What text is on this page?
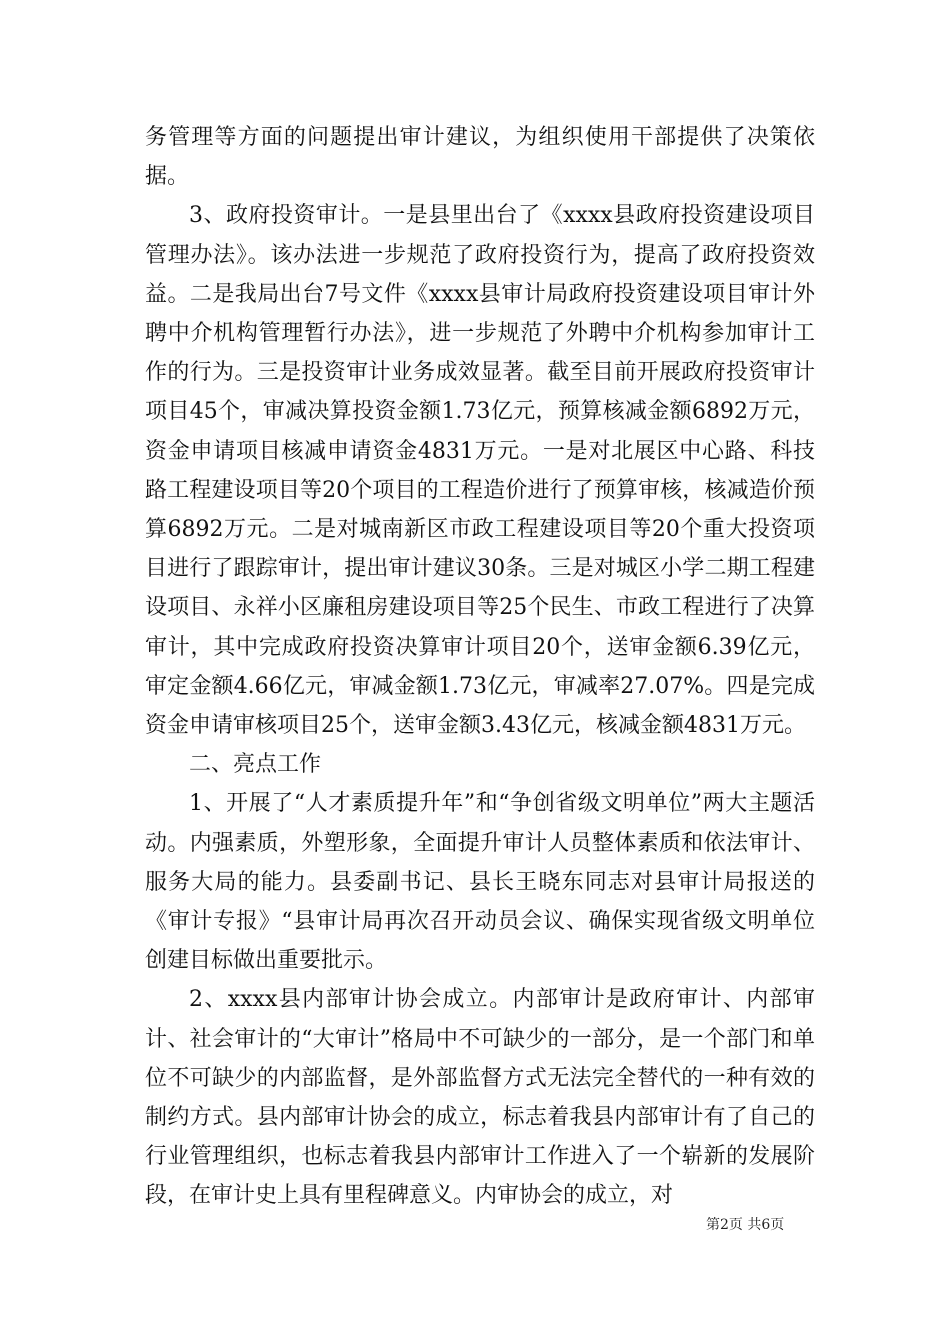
务管理等方面的问题提出审计建议，为组织使用干部提供了决策依据。

3、政府投资审计。一是县里出台了《xxxx县政府投资建设项目管理办法》。该办法进一步规范了政府投资行为，提高了政府投资效益。二是我局出台7号文件《xxxx县审计局政府投资建设项目审计外聘中介机构管理暂行办法》，进一步规范了外聘中介机构参加审计工作的行为。三是投资审计业务成效显著。截至目前开展政府投资审计项目45个，审减决算投资金额1.73亿元，预算核减金额6892万元，资金申请项目核减申请资金4831万元。一是对北展区中心路、科技路工程建设项目等20个项目的工程造价进行了预算审核，核减造价预算6892万元。二是对城南新区市政工程建设项目等20个重大投资项目进行了跟踪审计，提出审计建议30条。三是对城区小学二期工程建设项目、永祥小区廉租房建设项目等25个民生、市政工程进行了决算审计，其中完成政府投资决算审计项目20个，送审金额6.39亿元，审定金额4.66亿元，审减金额1.73亿元，审减率27.07%。四是完成资金申请审核项目25个，送审金额3.43亿元，核减金额4831万元。

二、亮点工作

1、开展了“人才素质提升年”和“争创省级文明单位”两大主题活动。内强素质，外塑形象，全面提升审计人员整体素质和依法审计、服务大局的能力。县委副书记、县长王晓东同志对县审计局报送的《审计专报》“县审计局再次召开动员会议、确保实现省级文明单位创建目标做出重要批示。

2、xxxx县内部审计协会成立。内部审计是政府审计、内部审计、社会审计的“大审计”格局中不可缺少的一部分，是一个部门和单位不可缺少的内部监督，是外部监督方式无法完全替代的一种有效的制约方式。县内部审计协会的成立，标志着我县内部审计有了自己的行业管理组织，也标志着我县内部审计工作进入了一个崭新的发展阶段，在审计史上具有里程碑意义。内审协会的成立，对

第2页 共6页
